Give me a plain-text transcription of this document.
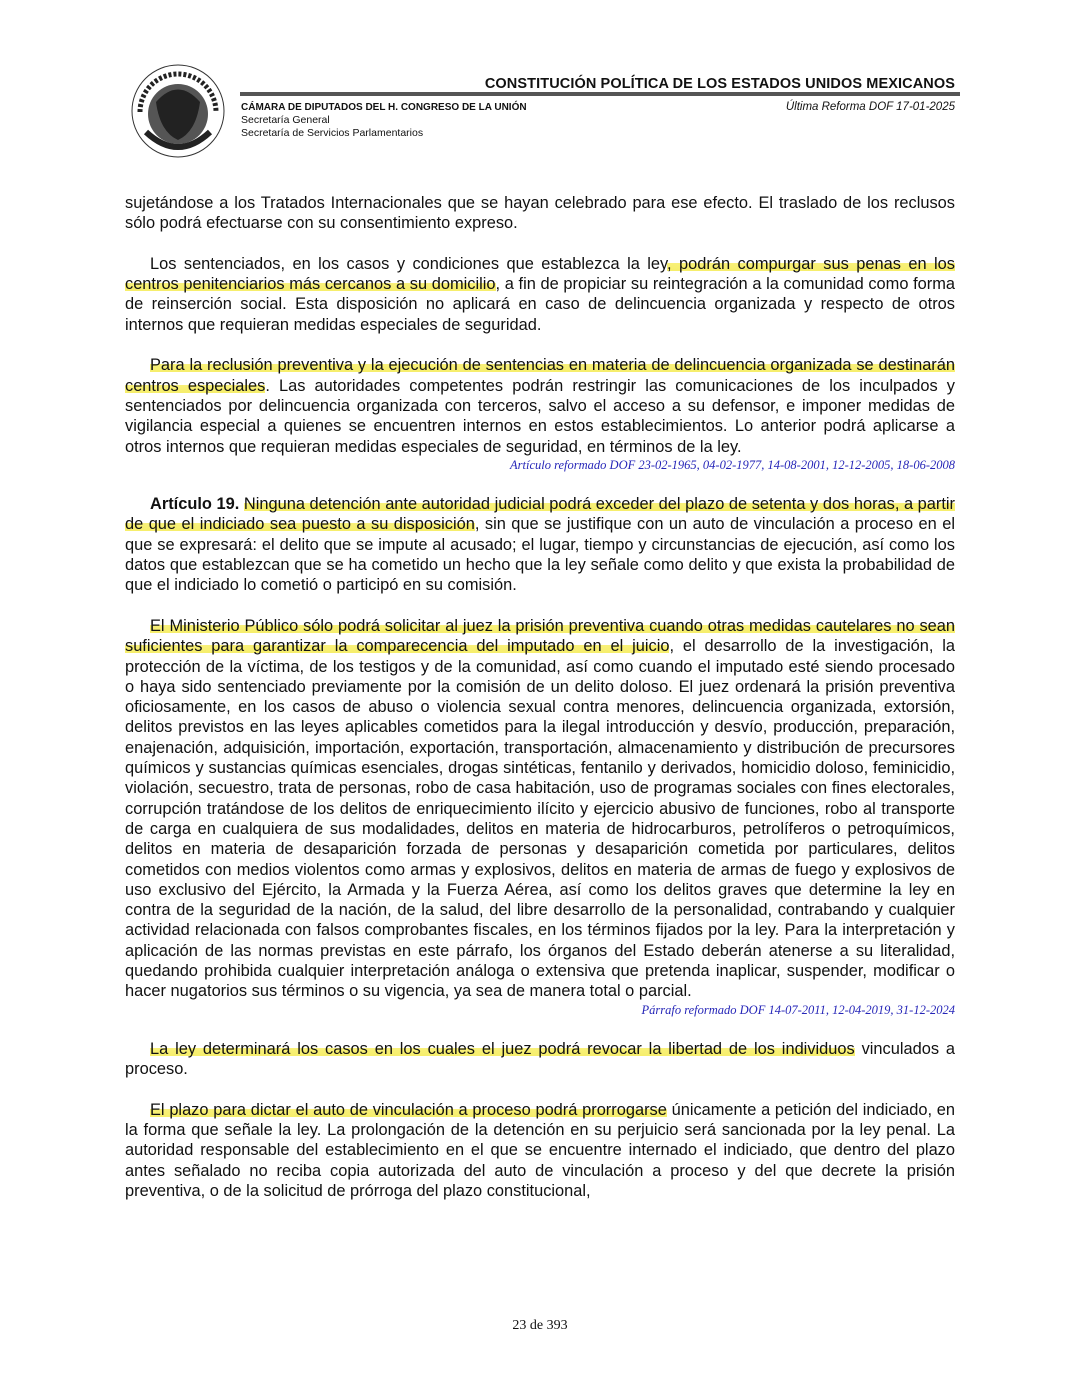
CONSTITUCIÓN POLÍTICA DE LOS ESTADOS UNIDOS MEXICANOS
CÁMARA DE DIPUTADOS DEL H. CONGRESO DE LA UNIÓN
Secretaría General
Secretaría de Servicios Parlamentarios
Última Reforma DOF 17-01-2025

sujetándose a los Tratados Internacionales que se hayan celebrado para ese efecto. El traslado de los reclusos sólo podrá efectuarse con su consentimiento expreso.

Los sentenciados, en los casos y condiciones que establezca la ley, podrán compurgar sus penas en los centros penitenciarios más cercanos a su domicilio, a fin de propiciar su reintegración a la comunidad como forma de reinserción social. Esta disposición no aplicará en caso de delincuencia organizada y respecto de otros internos que requieran medidas especiales de seguridad.

Para la reclusión preventiva y la ejecución de sentencias en materia de delincuencia organizada se destinarán centros especiales. Las autoridades competentes podrán restringir las comunicaciones de los inculpados y sentenciados por delincuencia organizada con terceros, salvo el acceso a su defensor, e imponer medidas de vigilancia especial a quienes se encuentren internos en estos establecimientos. Lo anterior podrá aplicarse a otros internos que requieran medidas especiales de seguridad, en términos de la ley.

Artículo reformado DOF 23-02-1965, 04-02-1977, 14-08-2001, 12-12-2005, 18-06-2008

Artículo 19. Ninguna detención ante autoridad judicial podrá exceder del plazo de setenta y dos horas, a partir de que el indiciado sea puesto a su disposición, sin que se justifique con un auto de vinculación a proceso en el que se expresará: el delito que se impute al acusado; el lugar, tiempo y circunstancias de ejecución, así como los datos que establezcan que se ha cometido un hecho que la ley señale como delito y que exista la probabilidad de que el indiciado lo cometió o participó en su comisión.

El Ministerio Público sólo podrá solicitar al juez la prisión preventiva cuando otras medidas cautelares no sean suficientes para garantizar la comparecencia del imputado en el juicio, el desarrollo de la investigación, la protección de la víctima, de los testigos y de la comunidad, así como cuando el imputado esté siendo procesado o haya sido sentenciado previamente por la comisión de un delito doloso. El juez ordenará la prisión preventiva oficiosamente, en los casos de abuso o violencia sexual contra menores, delincuencia organizada, extorsión, delitos previstos en las leyes aplicables cometidos para la ilegal introducción y desvío, producción, preparación, enajenación, adquisición, importación, exportación, transportación, almacenamiento y distribución de precursores químicos y sustancias químicas esenciales, drogas sintéticas, fentanilo y derivados, homicidio doloso, feminicidio, violación, secuestro, trata de personas, robo de casa habitación, uso de programas sociales con fines electorales, corrupción tratándose de los delitos de enriquecimiento ilícito y ejercicio abusivo de funciones, robo al transporte de carga en cualquiera de sus modalidades, delitos en materia de hidrocarburos, petrolíferos o petroquímicos, delitos en materia de desaparición forzada de personas y desaparición cometida por particulares, delitos cometidos con medios violentos como armas y explosivos, delitos en materia de armas de fuego y explosivos de uso exclusivo del Ejército, la Armada y la Fuerza Aérea, así como los delitos graves que determine la ley en contra de la seguridad de la nación, de la salud, del libre desarrollo de la personalidad, contrabando y cualquier actividad relacionada con falsos comprobantes fiscales, en los términos fijados por la ley. Para la interpretación y aplicación de las normas previstas en este párrafo, los órganos del Estado deberán atenerse a su literalidad, quedando prohibida cualquier interpretación análoga o extensiva que pretenda inaplicar, suspender, modificar o hacer nugatorios sus términos o su vigencia, ya sea de manera total o parcial.

Párrafo reformado DOF 14-07-2011, 12-04-2019, 31-12-2024

La ley determinará los casos en los cuales el juez podrá revocar la libertad de los individuos vinculados a proceso.

El plazo para dictar el auto de vinculación a proceso podrá prorrogarse únicamente a petición del indiciado, en la forma que señale la ley. La prolongación de la detención en su perjuicio será sancionada por la ley penal. La autoridad responsable del establecimiento en el que se encuentre internado el indiciado, que dentro del plazo antes señalado no reciba copia autorizada del auto de vinculación a proceso y del que decrete la prisión preventiva, o de la solicitud de prórroga del plazo constitucional,

23 de 393
